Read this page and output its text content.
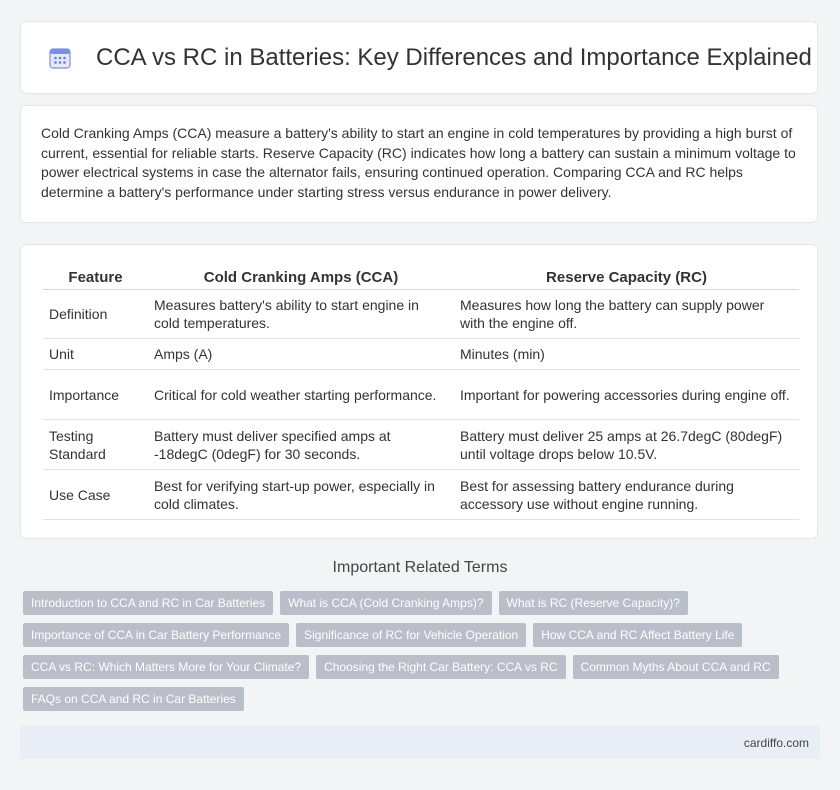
CCA vs RC in Batteries: Key Differences and Importance Explained

Cold Cranking Amps (CCA) measure a battery's ability to start an engine in cold temperatures by providing a high burst of current, essential for reliable starts. Reserve Capacity (RC) indicates how long a battery can sustain a minimum voltage to power electrical systems in case the alternator fails, ensuring continued operation. Comparing CCA and RC helps determine a battery's performance under starting stress versus endurance in power delivery.

Feature	Cold Cranking Amps (CCA)	Reserve Capacity (RC)
Definition	Measures battery's ability to start engine in cold temperatures.	Measures how long the battery can supply power with the engine off.
Unit	Amps (A)	Minutes (min)
Importance	Critical for cold weather starting performance.	Important for powering accessories during engine off.
Testing Standard	Battery must deliver specified amps at -18degC (0degF) for 30 seconds.	Battery must deliver 25 amps at 26.7degC (80degF) until voltage drops below 10.5V.
Use Case	Best for verifying start-up power, especially in cold climates.	Best for assessing battery endurance during accessory use without engine running.
Important Related Terms
Introduction to CCA and RC in Car Batteries	What is CCA (Cold Cranking Amps)?	What is RC (Reserve Capacity)?
Importance of CCA in Car Battery Performance	Significance of RC for Vehicle Operation	How CCA and RC Affect Battery Life
CCA vs RC: Which Matters More for Your Climate?	Choosing the Right Car Battery: CCA vs RC	Common Myths About CCA and RC
FAQs on CCA and RC in Car Batteries
cardiffo.com
